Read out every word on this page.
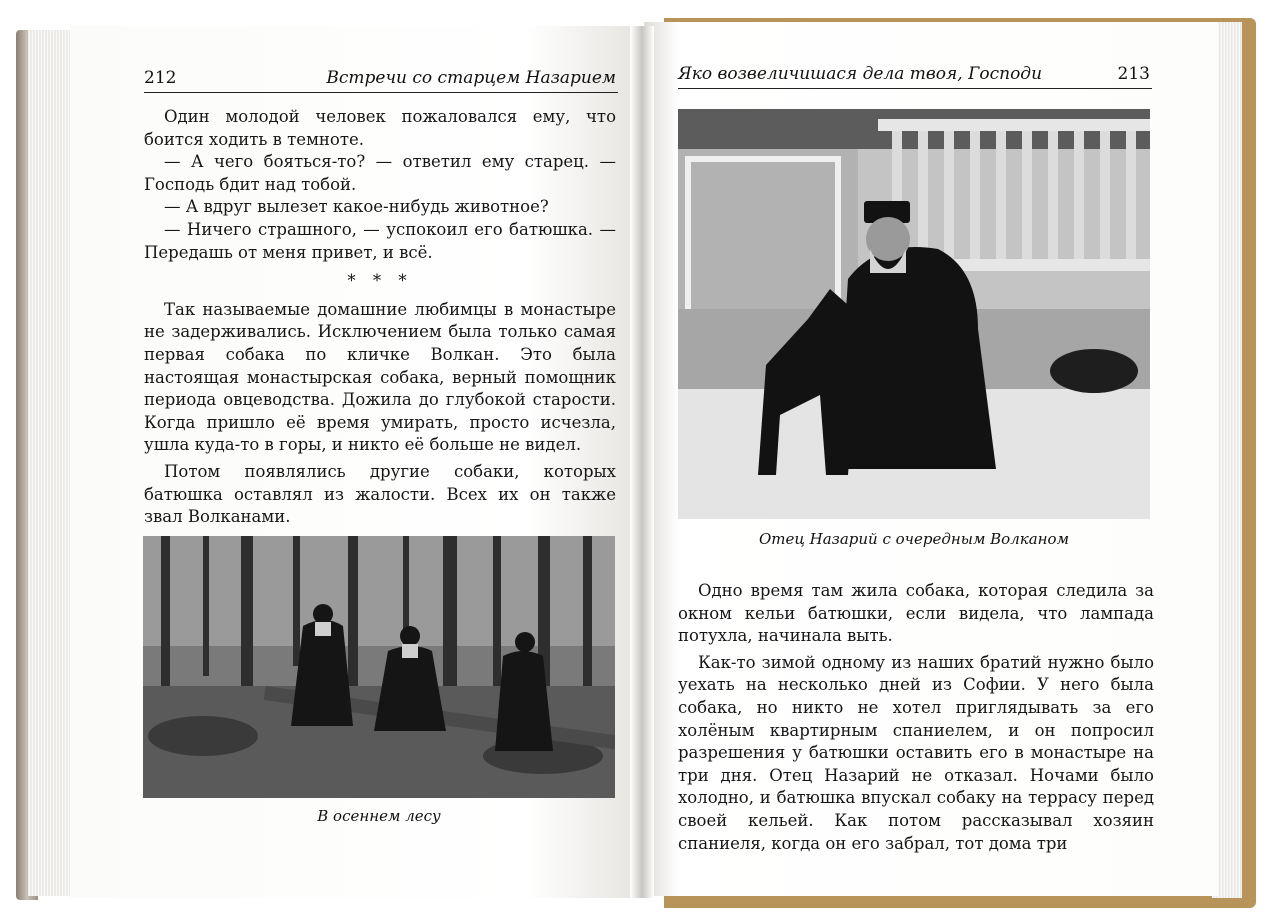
212	Встречи со старцем Назарием	Яко возвеличишася дела твоя, Господи	213

Один молодой человек пожаловался ему, что боится ходить в темноте.

— А чего бояться-то? — ответил ему старец. — Господь бдит над тобой.

— А вдруг вылезет какое-нибудь животное?

— Ничего страшного, — успокоил его батюшка. — Передашь от меня привет, и всё.

* * *

Так называемые домашние любимцы в монастыре не задерживались. Исключением была только самая первая собака по кличке Волкан. Это была настоящая монастырская собака, верный помощник периода овцеводства. Дожила до глубокой старости. Когда пришло её время умирать, просто исчезла, ушла куда-то в горы, и никто её больше не видел.

Потом появлялись другие собаки, которых батюшка оставлял из жалости. Всех их он также звал Волканами.

В осеннем лесу
Отец Назарий с очередным Волканом

Одно время там жила собака, которая следила за окном кельи батюшки, если видела, что лампада потухла, начинала выть.

Как-то зимой одному из наших братий нужно было уехать на несколько дней из Софии. У него была собака, но никто не хотел приглядывать за его холёным квартирным спаниелем, и он попросил разрешения у батюшки оставить его в монастыре на три дня. Отец Назарий не отказал. Ночами было холодно, и батюшка впускал собаку на террасу перед своей кельей. Как потом рассказывал хозяин спаниеля, когда он его забрал, тот дома три
